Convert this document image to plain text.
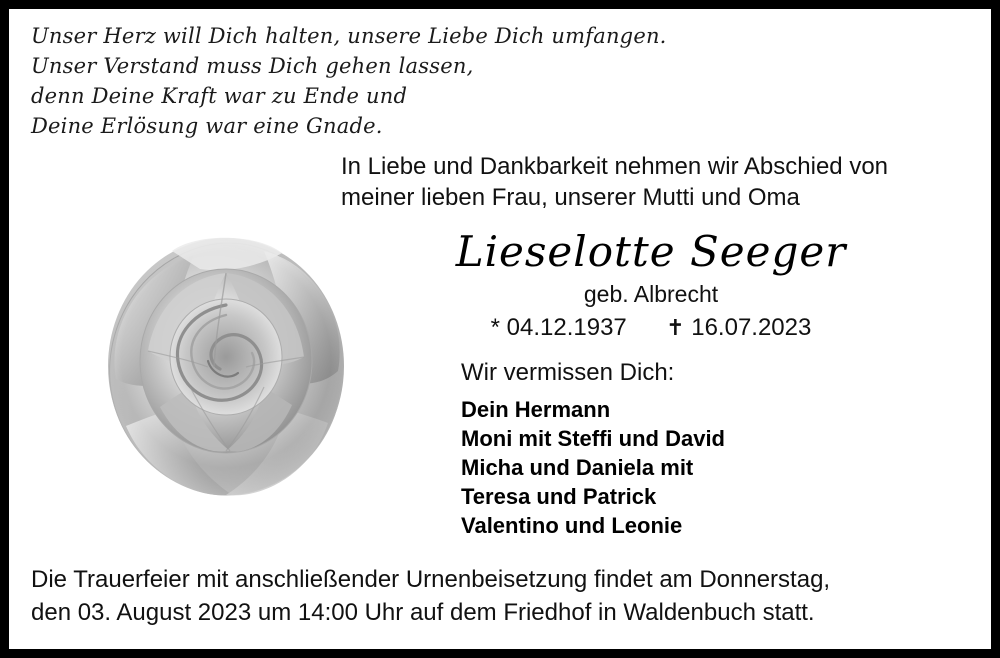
Unser Herz will Dich halten, unsere Liebe Dich umfangen.
Unser Verstand muss Dich gehen lassen,
denn Deine Kraft war zu Ende und
Deine Erlösung war eine Gnade.

In Liebe und Dankbarkeit nehmen wir Abschied von
meiner lieben Frau, unserer Mutti und Oma

Lieselotte Seeger
geb. Albrecht
* 04.12.1937 ✝ 16.07.2023
Wir vermissen Dich:
Dein Hermann
Moni mit Steffi und David
Micha und Daniela mit
Teresa und Patrick
Valentino und Leonie
Die Trauerfeier mit anschließender Urnenbeisetzung findet am Donnerstag,
den 03. August 2023 um 14:00 Uhr auf dem Friedhof in Waldenbuch statt.
